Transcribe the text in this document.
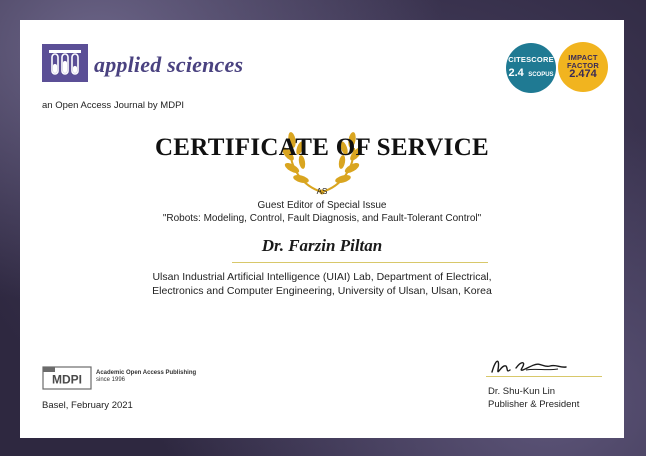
applied sciences
an Open Access Journal by MDPI
CITESCORE
2.4 SCOPUS
IMPACT
FACTOR
2.474
CERTIFICATE OF SERVICE
AS
Guest Editor of Special Issue
"Robots: Modeling, Control, Fault Diagnosis, and Fault-Tolerant Control"
Dr. Farzin Piltan
Ulsan Industrial Artificial Intelligence (UIAI) Lab, Department of Electrical,
Electronics and Computer Engineering, University of Ulsan, Ulsan, Korea
MDPI Academic Open Access Publishing
since 1996
Basel, February 2021
Dr. Shu-Kun Lin
Publisher & President
